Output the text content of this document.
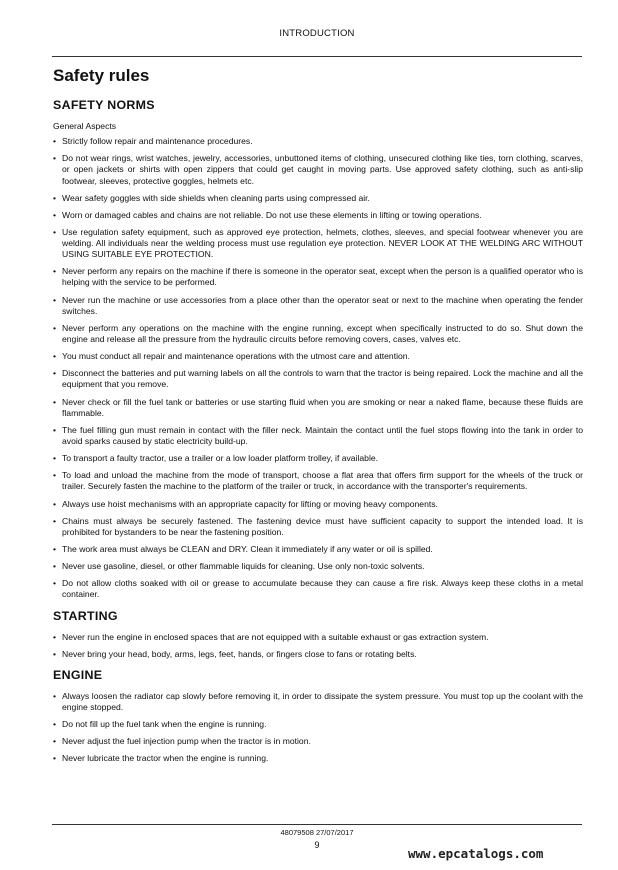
INTRODUCTION
Safety rules
SAFETY NORMS
General Aspects
• Strictly follow repair and maintenance procedures.
• Do not wear rings, wrist watches, jewelry, accessories, unbuttoned items of clothing, unsecured clothing like ties, torn clothing, scarves, or open jackets or shirts with open zippers that could get caught in moving parts. Use approved safety clothing, such as anti-slip footwear, sleeves, protective goggles, helmets etc.
• Wear safety goggles with side shields when cleaning parts using compressed air.
• Worn or damaged cables and chains are not reliable. Do not use these elements in lifting or towing operations.
• Use regulation safety equipment, such as approved eye protection, helmets, clothes, sleeves, and special footwear whenever you are welding. All individuals near the welding process must use regulation eye protection. NEVER LOOK AT THE WELDING ARC WITHOUT USING SUITABLE EYE PROTECTION.
• Never perform any repairs on the machine if there is someone in the operator seat, except when the person is a qualified operator who is helping with the service to be performed.
• Never run the machine or use accessories from a place other than the operator seat or next to the machine when operating the fender switches.
• Never perform any operations on the machine with the engine running, except when specifically instructed to do so. Shut down the engine and release all the pressure from the hydraulic circuits before removing covers, cases, valves etc.
• You must conduct all repair and maintenance operations with the utmost care and attention.
• Disconnect the batteries and put warning labels on all the controls to warn that the tractor is being repaired. Lock the machine and all the equipment that you remove.
• Never check or fill the fuel tank or batteries or use starting fluid when you are smoking or near a naked flame, because these fluids are flammable.
• The fuel filling gun must remain in contact with the filler neck. Maintain the contact until the fuel stops flowing into the tank in order to avoid sparks caused by static electricity build-up.
• To transport a faulty tractor, use a trailer or a low loader platform trolley, if available.
• To load and unload the machine from the mode of transport, choose a flat area that offers firm support for the wheels of the truck or trailer. Securely fasten the machine to the platform of the trailer or truck, in accordance with the transporter's requirements.
• Always use hoist mechanisms with an appropriate capacity for lifting or moving heavy components.
• Chains must always be securely fastened. The fastening device must have sufficient capacity to support the intended load. It is prohibited for bystanders to be near the fastening position.
• The work area must always be CLEAN and DRY. Clean it immediately if any water or oil is spilled.
• Never use gasoline, diesel, or other flammable liquids for cleaning. Use only non-toxic solvents.
• Do not allow cloths soaked with oil or grease to accumulate because they can cause a fire risk. Always keep these cloths in a metal container.
STARTING
• Never run the engine in enclosed spaces that are not equipped with a suitable exhaust or gas extraction system.
• Never bring your head, body, arms, legs, feet, hands, or fingers close to fans or rotating belts.
ENGINE
• Always loosen the radiator cap slowly before removing it, in order to dissipate the system pressure. You must top up the coolant with the engine stopped.
• Do not fill up the fuel tank when the engine is running.
• Never adjust the fuel injection pump when the tractor is in motion.
• Never lubricate the tractor when the engine is running.
48079508 27/07/2017
9
www.epcatalogs.com
